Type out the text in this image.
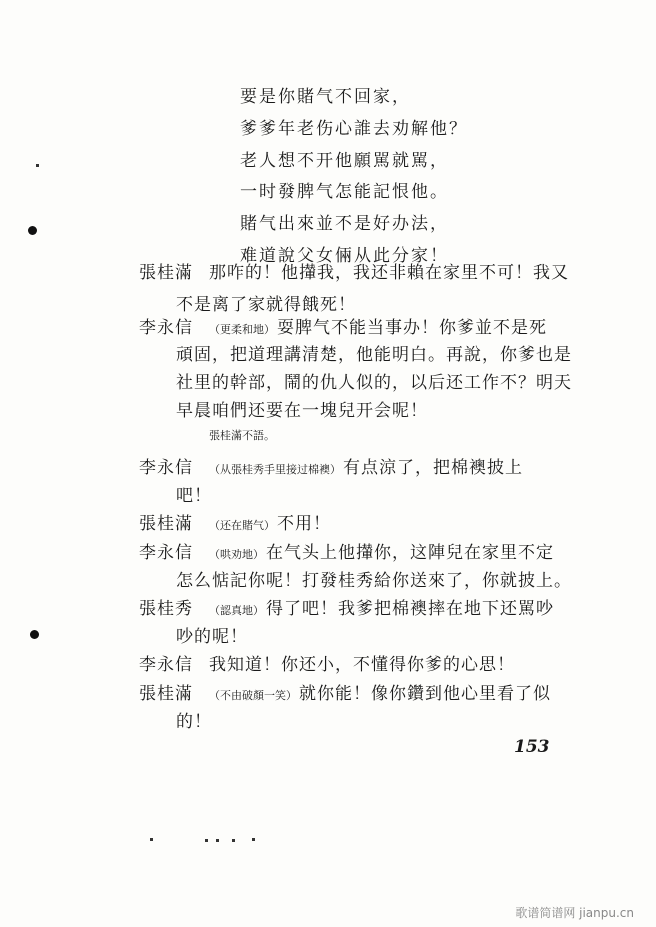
要是你賭气不回家，
爹爹年老伤心誰去劝解他？
老人想不开他願駡就駡，
一时發脾气怎能記恨他。
賭气出來並不是好办法，
难道說父女倆从此分家！
張桂滿 那咋的！他攆我，我还非賴在家里不可！我又
不是离了家就得餓死！
李永信 （更柔和地） 耍脾气不能当事办！你爹並不是死
頑固，把道理講清楚，他能明白。再說，你爹也是
社里的幹部，鬧的仇人似的，以后还工作不？明天
早晨咱們还要在一塊兒开会呢！
張桂滿不語。
李永信 （从張桂秀手里接过棉襖） 有点涼了，把棉襖披上
吧！
張桂滿 （还在賭气） 不用！
李永信 （哄劝地） 在气头上他攆你，这陣兒在家里不定
怎么惦記你呢！打發桂秀給你送來了，你就披上。
張桂秀 （認真地） 得了吧！我爹把棉襖摔在地下还駡吵
吵的呢！
李永信 我知道！你还小，不懂得你爹的心思！
張桂滿 （不由破顏一笑） 就你能！像你鑽到他心里看了似
的！
153
歌谱简谱网 jianpu.cn
